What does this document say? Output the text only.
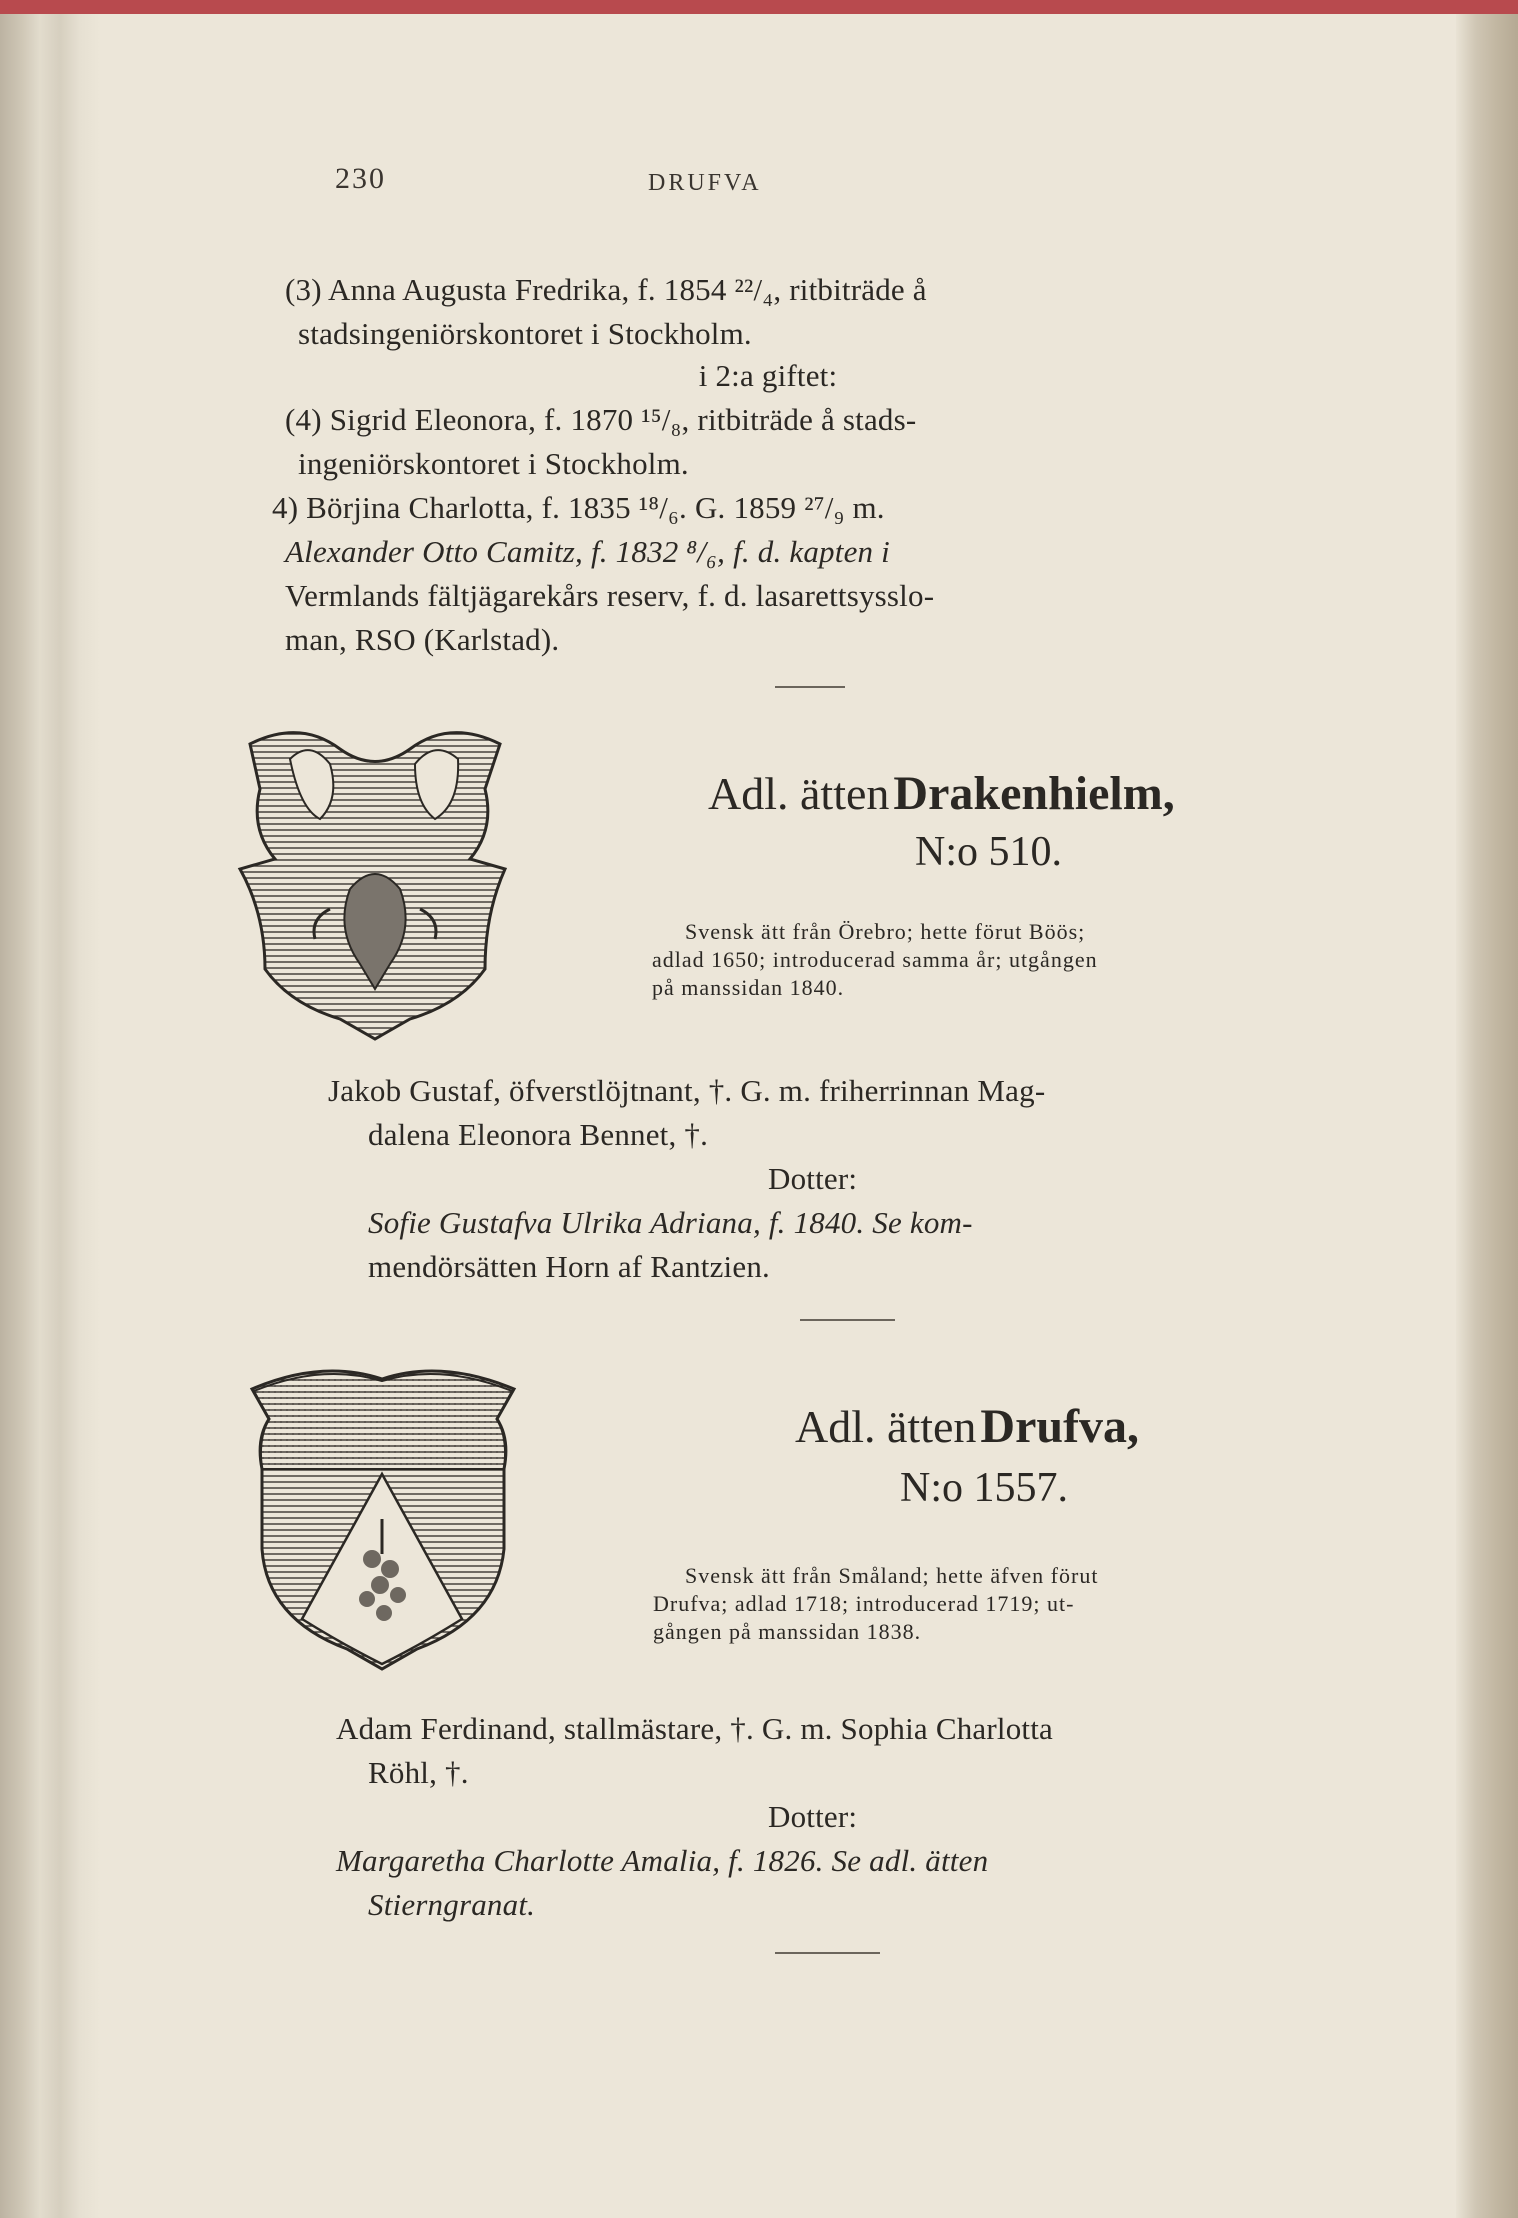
230	DRUFVA
(3) Anna Augusta Fredrika, f. 1854 ²²/₄, ritbiträde å
stadsingeniörskontoret i Stockholm.
i 2:a giftet:
(4) Sigrid Eleonora, f. 1870 ¹⁵/₈, ritbiträde å stads-
ingeniörskontoret i Stockholm.
4) Börjina Charlotta, f. 1835 ¹⁸/₆. G. 1859 ²⁷/₉ m.
Alexander Otto Camitz, f. 1832 ⁸/₆, f. d. kapten i
Vermlands fältjägarekårs reserv, f. d. lasarettsysslo-
man, RSO (Karlstad).
Adl. ätten Drakenhielm,
N:o 510.
Svensk ätt från Örebro; hette förut Böös;
adlad 1650; introducerad samma år; utgången
på manssidan 1840.
Jakob Gustaf, öfverstlöjtnant, †. G. m. friherrinnan Mag-
dalena Eleonora Bennet, †.
Dotter:
Sofie Gustafva Ulrika Adriana, f. 1840. Se kom-
mendörsätten Horn af Rantzien.
Adl. ätten Drufva,
N:o 1557.
Svensk ätt från Småland; hette äfven förut
Drufva; adlad 1718; introducerad 1719; ut-
gången på manssidan 1838.
Adam Ferdinand, stallmästare, †. G. m. Sophia Charlotta
Röhl, †.
Dotter:
Margaretha Charlotte Amalia, f. 1826. Se adl. ätten
Stierngranat.
